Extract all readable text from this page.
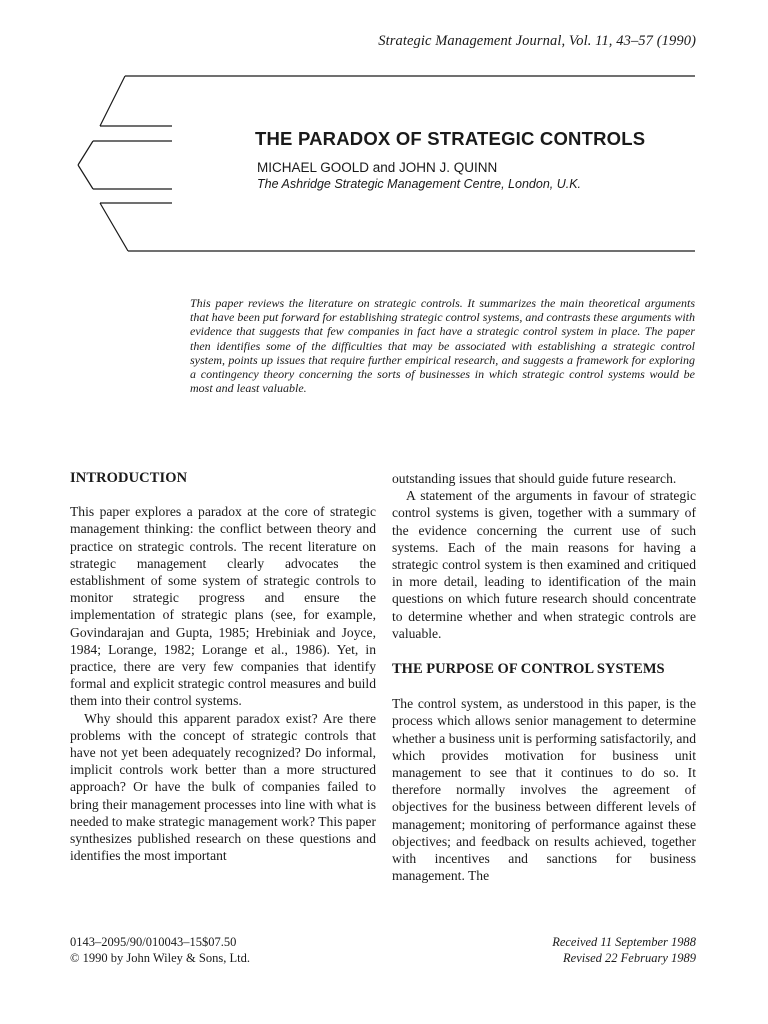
Strategic Management Journal, Vol. 11, 43–57 (1990)
THE PARADOX OF STRATEGIC CONTROLS
MICHAEL GOOLD and JOHN J. QUINN
The Ashridge Strategic Management Centre, London, U.K.
This paper reviews the literature on strategic controls. It summarizes the main theoretical arguments that have been put forward for establishing strategic control systems, and contrasts these arguments with evidence that suggests that few companies in fact have a strategic control system in place. The paper then identifies some of the difficulties that may be associated with establishing a strategic control system, points up issues that require further empirical research, and suggests a framework for exploring a contingency theory concerning the sorts of businesses in which strategic control systems would be most and least valuable.
INTRODUCTION

This paper explores a paradox at the core of strategic management thinking: the conflict between theory and practice on strategic controls. The recent literature on strategic management clearly advocates the establishment of some system of strategic controls to monitor strategic progress and ensure the implementation of strategic plans (see, for example, Govindarajan and Gupta, 1985; Hrebiniak and Joyce, 1984; Lorange, 1982; Lorange et al., 1986). Yet, in practice, there are very few companies that identify formal and explicit strategic control measures and build them into their control systems.

Why should this apparent paradox exist? Are there problems with the concept of strategic controls that have not yet been adequately recognized? Do informal, implicit controls work better than a more structured approach? Or have the bulk of companies failed to bring their management processes into line with what is needed to make strategic management work? This paper synthesizes published research on these questions and identifies the most important

outstanding issues that should guide future research.

A statement of the arguments in favour of strategic control systems is given, together with a summary of the evidence concerning the current use of such systems. Each of the main reasons for having a strategic control system is then examined and critiqued in more detail, leading to identification of the main questions on which future research should concentrate to determine whether and when strategic controls are valuable.

THE PURPOSE OF CONTROL SYSTEMS

The control system, as understood in this paper, is the process which allows senior management to determine whether a business unit is performing satisfactorily, and which provides motivation for business unit management to see that it continues to do so. It therefore normally involves the agreement of objectives for the business between different levels of management; monitoring of performance against these objectives; and feedback on results achieved, together with incentives and sanctions for business management. The

0143–2095/90/010043–15$07.50
© 1990 by John Wiley & Sons, Ltd.
Received 11 September 1988
Revised 22 February 1989
